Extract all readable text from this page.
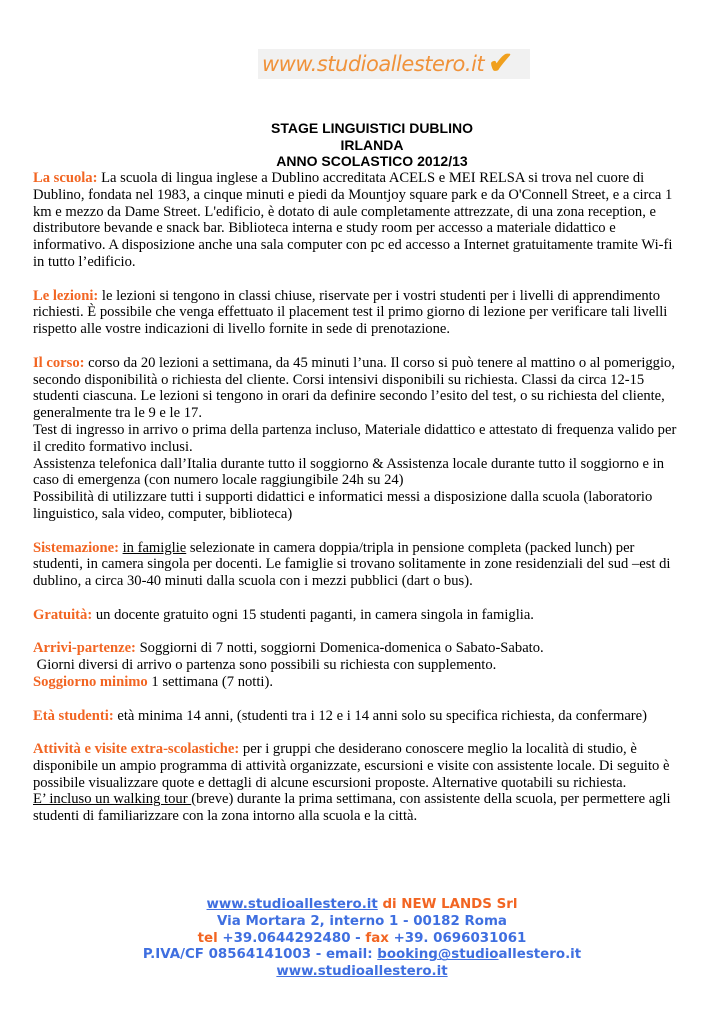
www.studioallestero.it ✔
STAGE LINGUISTICI DUBLINO
IRLANDA
ANNO SCOLASTICO 2012/13

La scuola: La scuola di lingua inglese a Dublino accreditata ACELS e MEI RELSA si trova nel cuore di Dublino, fondata nel 1983, a cinque minuti e piedi da Mountjoy square park e da O'Connell Street, e a circa 1 km e mezzo da Dame Street. L'edificio, è dotato di aule completamente attrezzate, di una zona reception, e distributore bevande e snack bar. Biblioteca interna e study room per accesso a materiale didattico e informativo. A disposizione anche una sala computer con pc ed accesso a Internet gratuitamente tramite Wi-fi in tutto l’edificio.

Le lezioni: le lezioni si tengono in classi chiuse, riservate per i vostri studenti per i livelli di apprendimento richiesti. È possibile che venga effettuato il placement test il primo giorno di lezione per verificare tali livelli rispetto alle vostre indicazioni di livello fornite in sede di prenotazione.

Il corso: corso da 20 lezioni a settimana, da 45 minuti l’una. Il corso si può tenere al mattino o al pomeriggio, secondo disponibilità o richiesta del cliente. Corsi intensivi disponibili su richiesta. Classi da circa 12-15 studenti ciascuna. Le lezioni si tengono in orari da definire secondo l’esito del test, o su richiesta del cliente, generalmente tra le 9 e le 17.

Test di ingresso in arrivo o prima della partenza incluso, Materiale didattico e attestato di frequenza valido per il credito formativo inclusi.

Assistenza telefonica dall’Italia durante tutto il soggiorno & Assistenza locale durante tutto il soggiorno e in caso di emergenza (con numero locale raggiungibile 24h su 24)

Possibilità di utilizzare tutti i supporti didattici e informatici messi a disposizione dalla scuola (laboratorio linguistico, sala video, computer, biblioteca)

Sistemazione: in famiglie selezionate in camera doppia/tripla in pensione completa (packed lunch) per studenti, in camera singola per docenti. Le famiglie si trovano solitamente in zone residenziali del sud –est di dublino, a circa 30-40 minuti dalla scuola con i mezzi pubblici (dart o bus).

Gratuità: un docente gratuito ogni 15 studenti paganti, in camera singola in famiglia.

Arrivi-partenze: Soggiorni di 7 notti, soggiorni Domenica-domenica o Sabato-Sabato.

Giorni diversi di arrivo o partenza sono possibili su richiesta con supplemento.

Soggiorno minimo 1 settimana (7 notti).

Età studenti: età minima 14 anni, (studenti tra i 12 e i 14 anni solo su specifica richiesta, da confermare)

Attività e visite extra-scolastiche: per i gruppi che desiderano conoscere meglio la località di studio, è disponibile un ampio programma di attività organizzate, escursioni e visite con assistente locale. Di seguito è possibile visualizzare quote e dettagli di alcune escursioni proposte. Alternative quotabili su richiesta.

E’ incluso un walking tour (breve) durante la prima settimana, con assistente della scuola, per permettere agli studenti di familiarizzare con la zona intorno alla scuola e la città.

www.studioallestero.it di NEW LANDS Srl
Via Mortara 2, interno 1 - 00182 Roma
tel +39.0644292480 - fax +39. 0696031061
P.IVA/CF 08564141003 - email: booking@studioallestero.it
www.studioallestero.it
